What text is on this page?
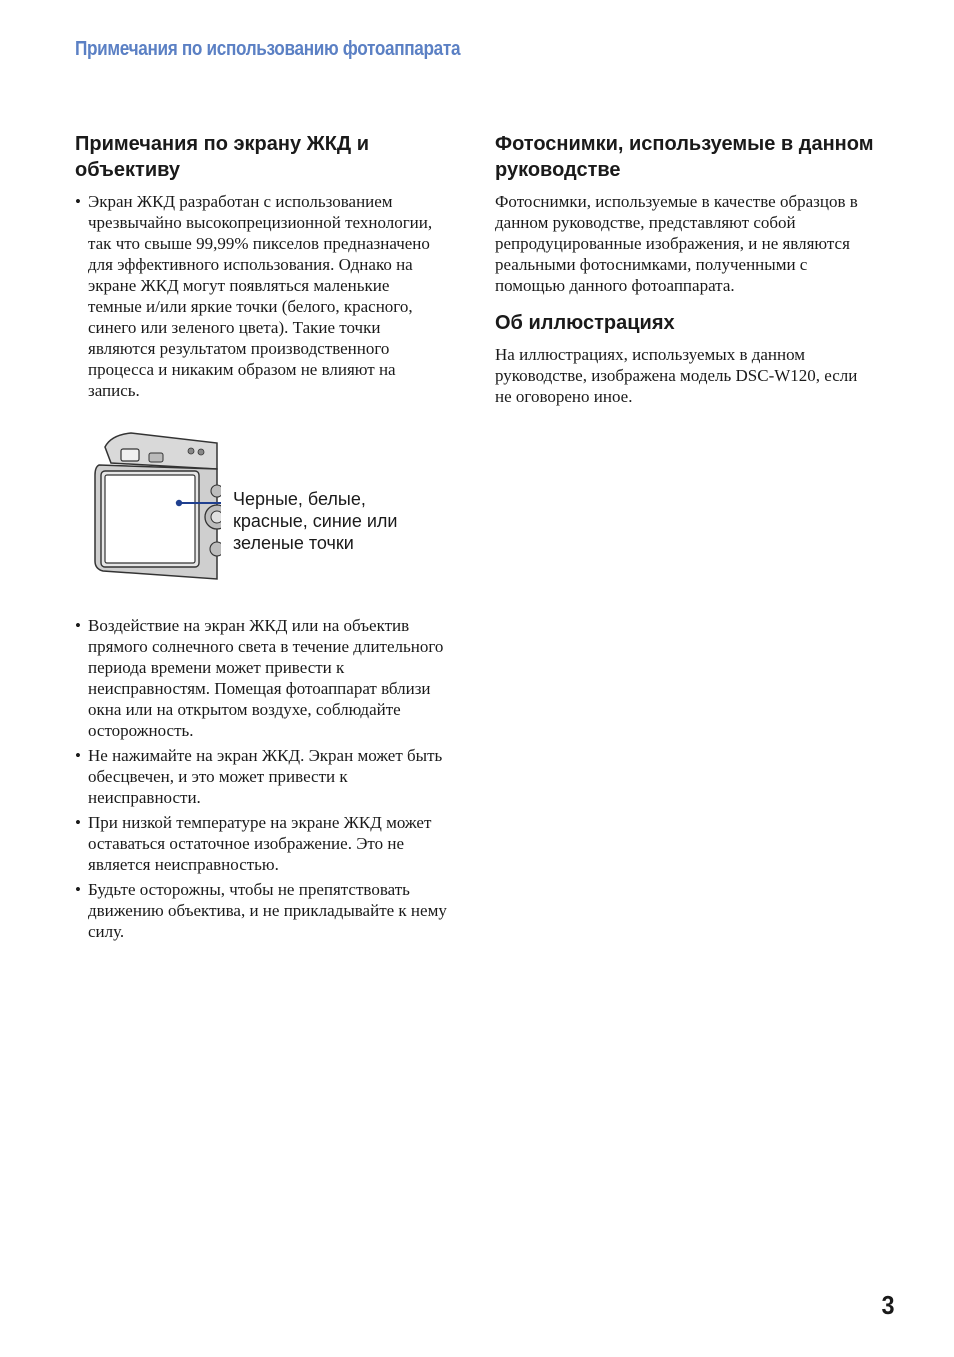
Примечания по использованию фотоаппарата
Примечания по экрану ЖКД и объективу
• Экран ЖКД разработан с использованием чрезвычайно высокопрецизионной технологии, так что свыше 99,99% пикселов предназначено для эффективного использования. Однако на экране ЖКД могут появляться маленькие темные и/или яркие точки (белого, красного, синего или зеленого цвета). Такие точки являются результатом производственного процесса и никаким образом не влияют на запись.
Черные, белые, красные, синие или зеленые точки
• Воздействие на экран ЖКД или на объектив прямого солнечного света в течение длительного периода времени может привести к неисправностям. Помещая фотоаппарат вблизи окна или на открытом воздухе, соблюдайте осторожность.
• Не нажимайте на экран ЖКД. Экран может быть обесцвечен, и это может привести к неисправности.
• При низкой температуре на экране ЖКД может оставаться остаточное изображение. Это не является неисправностью.
• Будьте осторожны, чтобы не препятствовать движению объектива, и не прикладывайте к нему силу.
Фотоснимки, используемые в данном руководстве

Фотоснимки, используемые в качестве образцов в данном руководстве, представляют собой репродуцированные изображения, и не являются реальными фотоснимками, полученными с помощью данного фотоаппарата.

Об иллюстрациях

На иллюстрациях, используемых в данном руководстве, изображена модель DSC-W120, если не оговорено иное.

3
